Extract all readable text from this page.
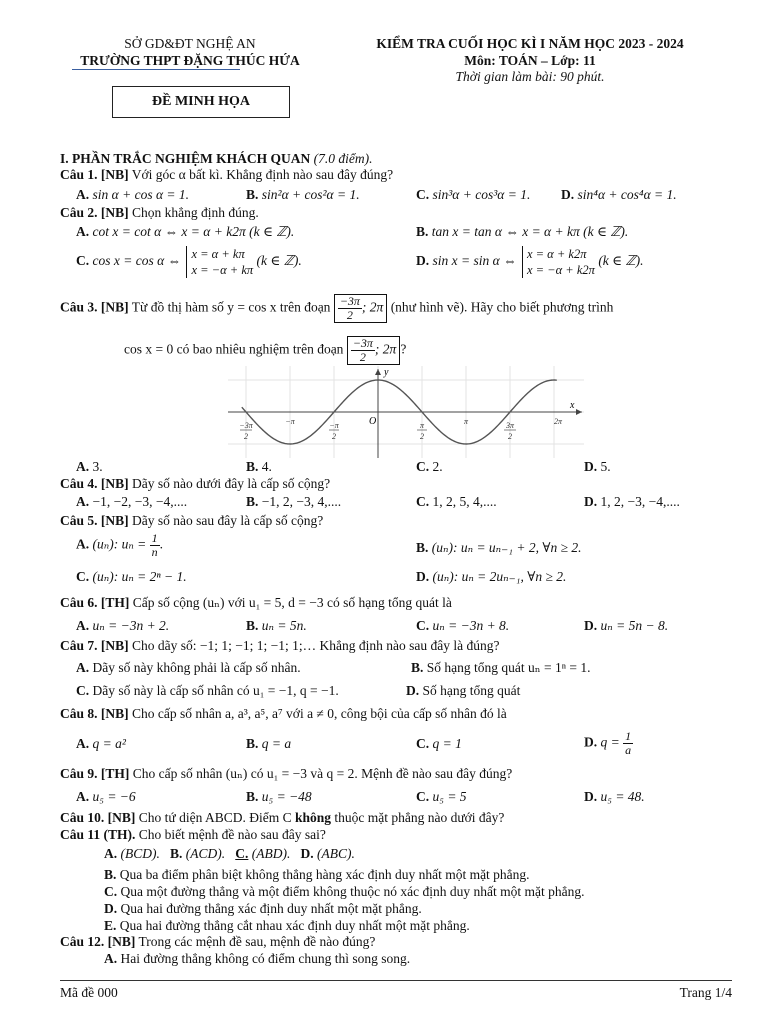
SỞ GD&ĐT NGHỆ AN
TRƯỜNG THPT ĐẶNG THÚC HỨA
KIỂM TRA CUỐI HỌC KÌ I NĂM HỌC 2023 - 2024
Môn: TOÁN – Lớp: 11
Thời gian làm bài: 90 phút.
ĐỀ MINH HỌA
I. PHẦN TRẮC NGHIỆM KHÁCH QUAN (7.0 điểm).
Câu 1. [NB] Với góc α bất kì. Khẳng định nào sau đây đúng?
A. sin α + cos α = 1.	B. sin²α + cos²α = 1.	C. sin³α + cos³α = 1.	D. sin⁴α + cos⁴α = 1.
Câu 2. [NB] Chọn khẳng định đúng.
A. cot x = cot α ⇔ x = α + k2π (k ∈ ℤ).	B. tan x = tan α ⇔ x = α + kπ (k ∈ ℤ).
C. cos x = cos α ⇔ x = α + kπ
x = −α + kπ (k ∈ ℤ).	D. sin x = sin α ⇔ x = α + k2π
x = −α + k2π (k ∈ ℤ).
Câu 3. [NB] Từ đồ thị hàm số y = cos x trên đoạn $\frac{-3\pi}{2}$ ; 2π (như hình vẽ). Hãy cho biết phương trình
cos x = 0 có bao nhiêu nghiệm trên đoạn $\frac{-3\pi}{2}$ ; 2π ?
y
x
O
−3π
2
−π	−π
2
π
2
π	3π
2
2π
A. 3.	B. 4.	C. 2.	D. 5.
Câu 4. [NB] Dãy số nào dưới đây là cấp số cộng?
A. −1, −2, −3, −4,....	B. −1, 2, −3, 4,....	C. 1, 2, 5, 4,....	D. 1, 2, −3, −4,....
Câu 5. [NB] Dãy số nào sau đây là cấp số cộng?
A. (uₙ): $u_n = \frac{1}{n}$ .	B. (uₙ): uₙ = uₙ₋₁ + 2, ∀n ≥ 2.
C. (uₙ): uₙ = 2ⁿ − 1.	D. (uₙ): uₙ = 2uₙ₋₁, ∀n ≥ 2.
Câu 6. [TH] Cấp số cộng (uₙ) với u₁ = 5, d = −3 có số hạng tổng quát là
A. uₙ = −3n + 2.	B. uₙ = 5n.	C. uₙ = −3n + 8.	D. uₙ = 5n − 8.
Câu 7. [NB] Cho dãy số: −1; 1; −1; 1; −1; 1;… Khẳng định nào sau đây là đúng?
A. Dãy số này không phải là cấp số nhân.	B. Số hạng tổng quát uₙ = 1ⁿ = 1.
C. Dãy số này là cấp số nhân có u₁ = −1, q = −1.	D. Số hạng tổng quát
Câu 8. [NB] Cho cấp số nhân a, a³, a⁵, a⁷ với a ≠ 0, công bội của cấp số nhân đó là
A. q = a²	B. q = a	C. q = 1	D. $q = \frac{1}{a}$
Câu 9. [TH] Cho cấp số nhân (uₙ) có u₁ = −3 và q = 2. Mệnh đề nào sau đây đúng?
A. u₅ = −6	B. u₅ = −48	C. u₅ = 5	D. u₅ = 48.
Câu 10. [NB] Cho tứ diện ABCD. Điểm C không thuộc mặt phẳng nào dưới đây?
Câu 11 (TH). Cho biết mệnh đề nào sau đây sai?
A. (BCD). B. (ACD). C. (ABD). D. (ABC).
B. Qua ba điểm phân biệt không thẳng hàng xác định duy nhất một mặt phẳng.
C. Qua một đường thẳng và một điểm không thuộc nó xác định duy nhất một mặt phẳng.
D. Qua hai đường thẳng xác định duy nhất một mặt phẳng.
E. Qua hai đường thẳng cắt nhau xác định duy nhất một mặt phẳng.
Câu 12. [NB] Trong các mệnh đề sau, mệnh đề nào đúng?
A. Hai đường thẳng không có điểm chung thì song song.
Mã đề 000	Trang 1/4
